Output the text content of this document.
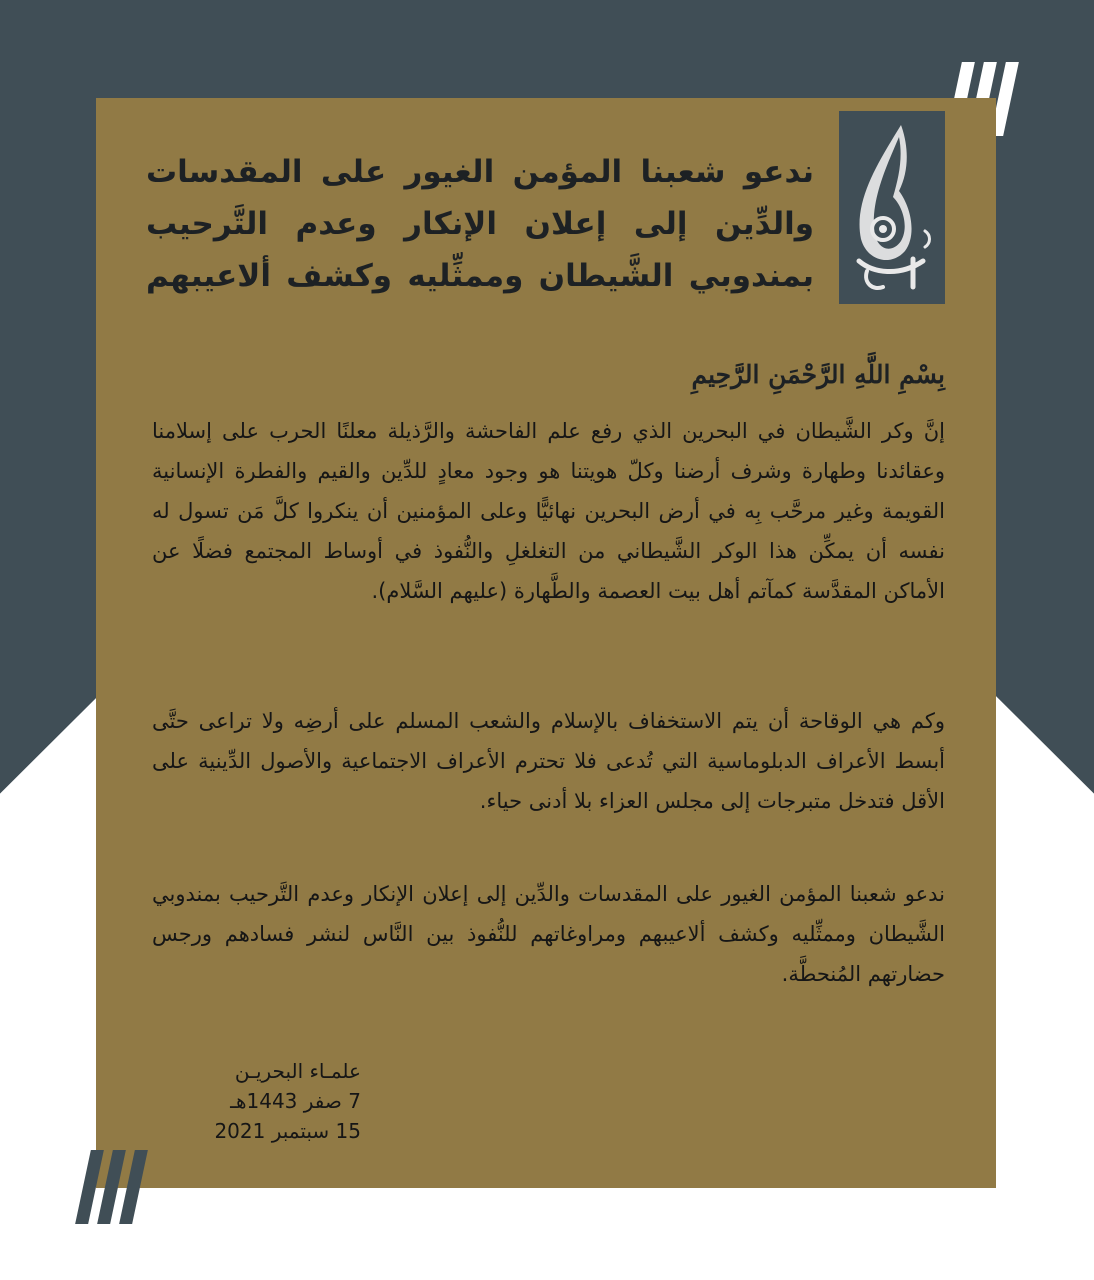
ندعو شعبنا المؤمن الغيور على المقدسات والدِّين إلى إعلان الإنكار وعدم التَّرحيب بمندوبي الشَّيطان وممثِّليه وكشف ألاعيبهم

بِسْمِ اللَّهِ الرَّحْمَنِ الرَّحِيمِ

إنَّ وكر الشَّيطان في البحرين الذي رفع علم الفاحشة والرَّذيلة معلنًا الحرب على إسلامنا وعقائدنا وطهارة وشرف أرضنا وكلّ هويتنا هو وجود معادٍ للدِّين والقيم والفطرة الإنسانية القويمة وغير مرحَّب بِه في أرض البحرين نهائيًّا وعلى المؤمنين أن ينكروا كلَّ مَن تسول له نفسه أن يمكِّن هذا الوكر الشَّيطاني من التغلغلِ والنُّفوذ في أوساط المجتمع فضلًا عن الأماكن المقدَّسة كمآتم أهل بيت العصمة والطَّهارة (عليهم السَّلام).

وكم هي الوقاحة أن يتم الاستخفاف بالإسلام والشعب المسلم على أرضِه ولا تراعى حتَّى أبسط الأعراف الدبلوماسية التي تُدعى فلا تحترم الأعراف الاجتماعية والأصول الدِّينية على الأقل فتدخل متبرجات إلى مجلس العزاء بلا أدنى حياء.

ندعو شعبنا المؤمن الغيور على المقدسات والدِّين إلى إعلان الإنكار وعدم التَّرحيب بمندوبي الشَّيطان وممثِّليه وكشف ألاعيبهم ومراوغاتهم للنُّفوذ بين النَّاس لنشر فسادهم ورجس حضارتهم المُنحطَّة.

علمـاء البحريـن
7 صفر 1443هـ
15 سبتمبر 2021
